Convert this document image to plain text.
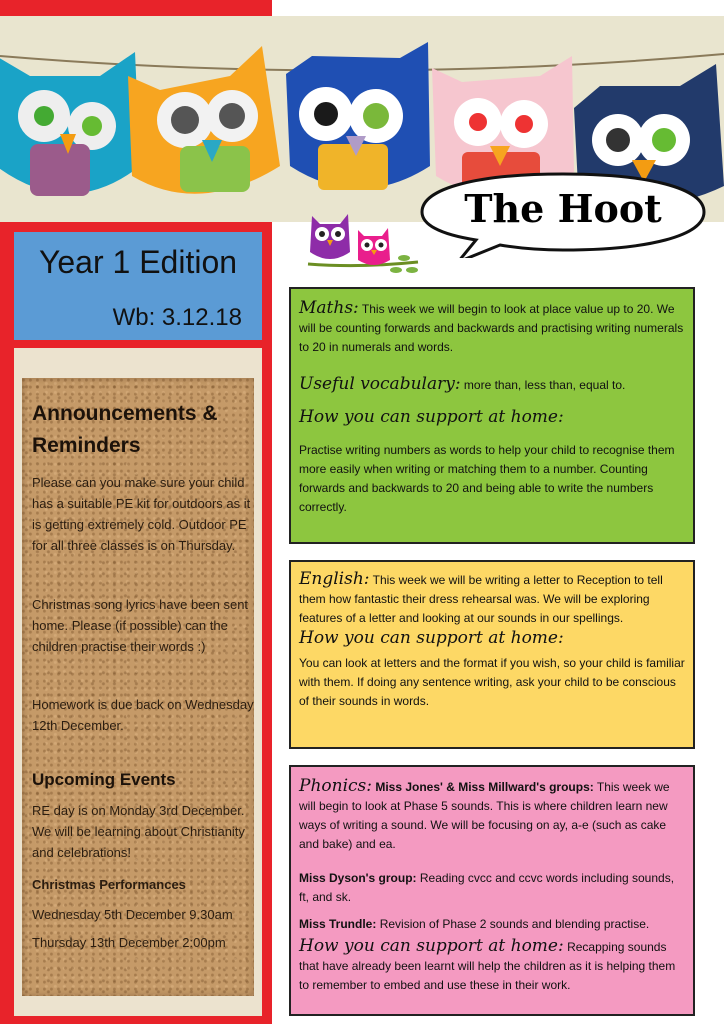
The Hoot
Year 1 Edition
Wb: 3.12.18
Announcements & Reminders
Please can you make sure your child has a suitable PE kit for outdoors as it is getting extremely cold. Outdoor PE for all three classes is on Thursday.
Christmas song lyrics have been sent home. Please (if possible) can the children practise their words :)
Homework is due back on Wednesday 12th December.
Upcoming Events
RE day is on Monday 3rd December. We will be learning about Christianity and celebrations!
Christmas Performances
Wednesday 5th December 9.30am
Thursday 13th December 2:00pm
Maths: This week we will begin to look at place value up to 20. We will be counting forwards and backwards and practising writing numerals to 20 in numerals and words.
Useful vocabulary: more than, less than, equal to.
How you can support at home:
Practise writing numbers as words to help your child to recognise them more easily when writing or matching them to a number. Counting forwards and backwards to 20 and being able to write the numbers correctly.
English: This week we will be writing a letter to Reception to tell them how fantastic their dress rehearsal was. We will be exploring features of a letter and looking at our sounds in our spellings.
How you can support at home:
You can look at letters and the format if you wish, so your child is familiar with them. If doing any sentence writing, ask your child to be conscious of their sounds in words.
Phonics: Miss Jones' & Miss Millward's groups: This week we will begin to look at Phase 5 sounds. This is where children learn new ways of writing a sound. We will be focusing on ay, a-e (such as cake and bake) and ea.
Miss Dyson's group: Reading cvcc and ccvc words including sounds, ft, and sk.
Miss Trundle: Revision of Phase 2 sounds and blending practise.
How you can support at home: Recapping sounds that have already been learnt will help the children as it is helping them to remember to embed and use these in their work.
